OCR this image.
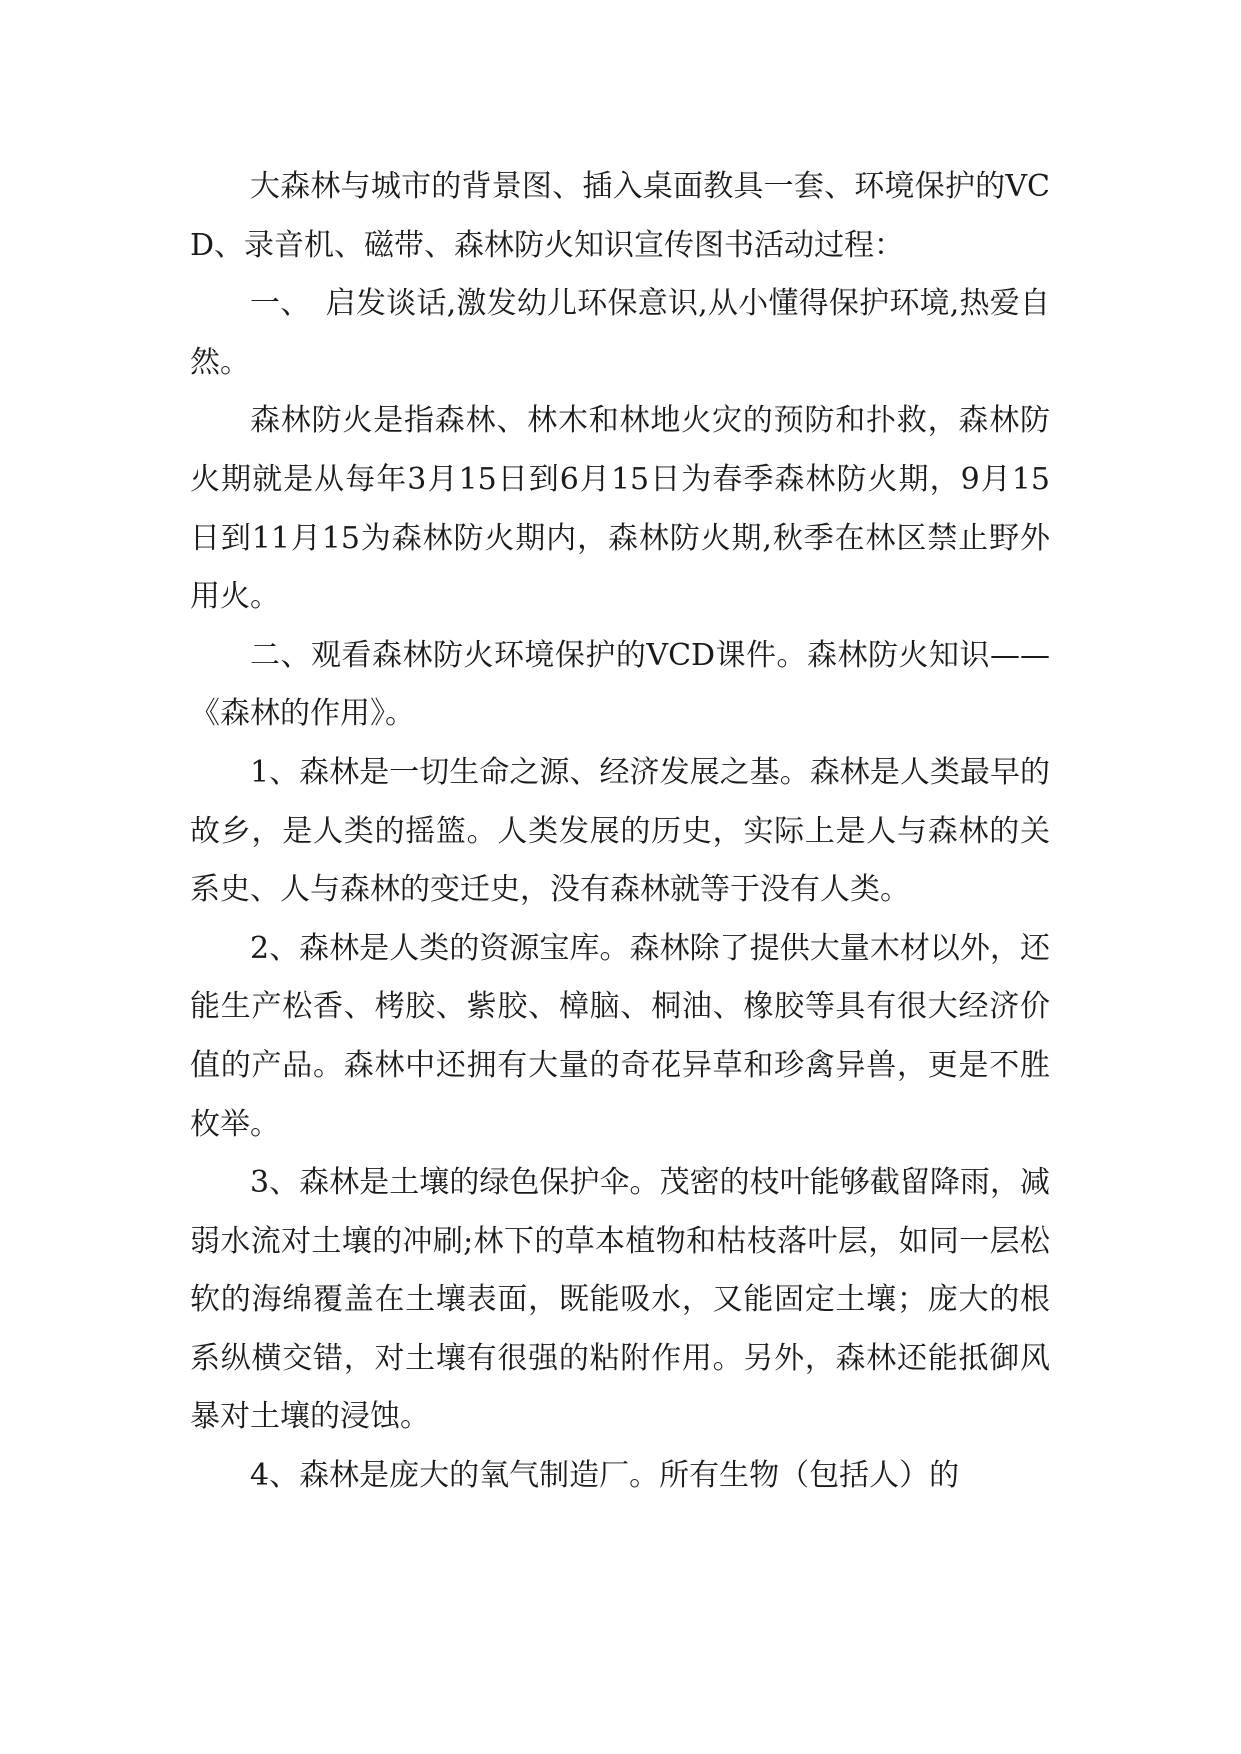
大森林与城市的背景图、插入桌面教具一套、环境保护的VCD、录音机、磁带、森林防火知识宣传图书活动过程：

一、　启发谈话,激发幼儿环保意识,从小懂得保护环境,热爱自然。

森林防火是指森林、林木和林地火灾的预防和扑救，森林防火期就是从每年3月15日到6月15日为春季森林防火期，9月15日到11月15为森林防火期内，森林防火期,秋季在林区禁止野外用火。

二、观看森林防火环境保护的VCD课件。森林防火知识——《森林的作用》。

1、森林是一切生命之源、经济发展之基。森林是人类最早的故乡，是人类的摇篮。人类发展的历史，实际上是人与森林的关系史、人与森林的变迁史，没有森林就等于没有人类。

2、森林是人类的资源宝库。森林除了提供大量木材以外，还能生产松香、栲胶、紫胶、樟脑、桐油、橡胶等具有很大经济价值的产品。森林中还拥有大量的奇花异草和珍禽异兽，更是不胜枚举。

3、森林是土壤的绿色保护伞。茂密的枝叶能够截留降雨，减弱水流对土壤的冲刷;林下的草本植物和枯枝落叶层，如同一层松软的海绵覆盖在土壤表面，既能吸水，又能固定土壤；庞大的根系纵横交错，对土壤有很强的粘附作用。另外，森林还能抵御风暴对土壤的浸蚀。

4、森林是庞大的氧气制造厂。所有生物（包括人）的
